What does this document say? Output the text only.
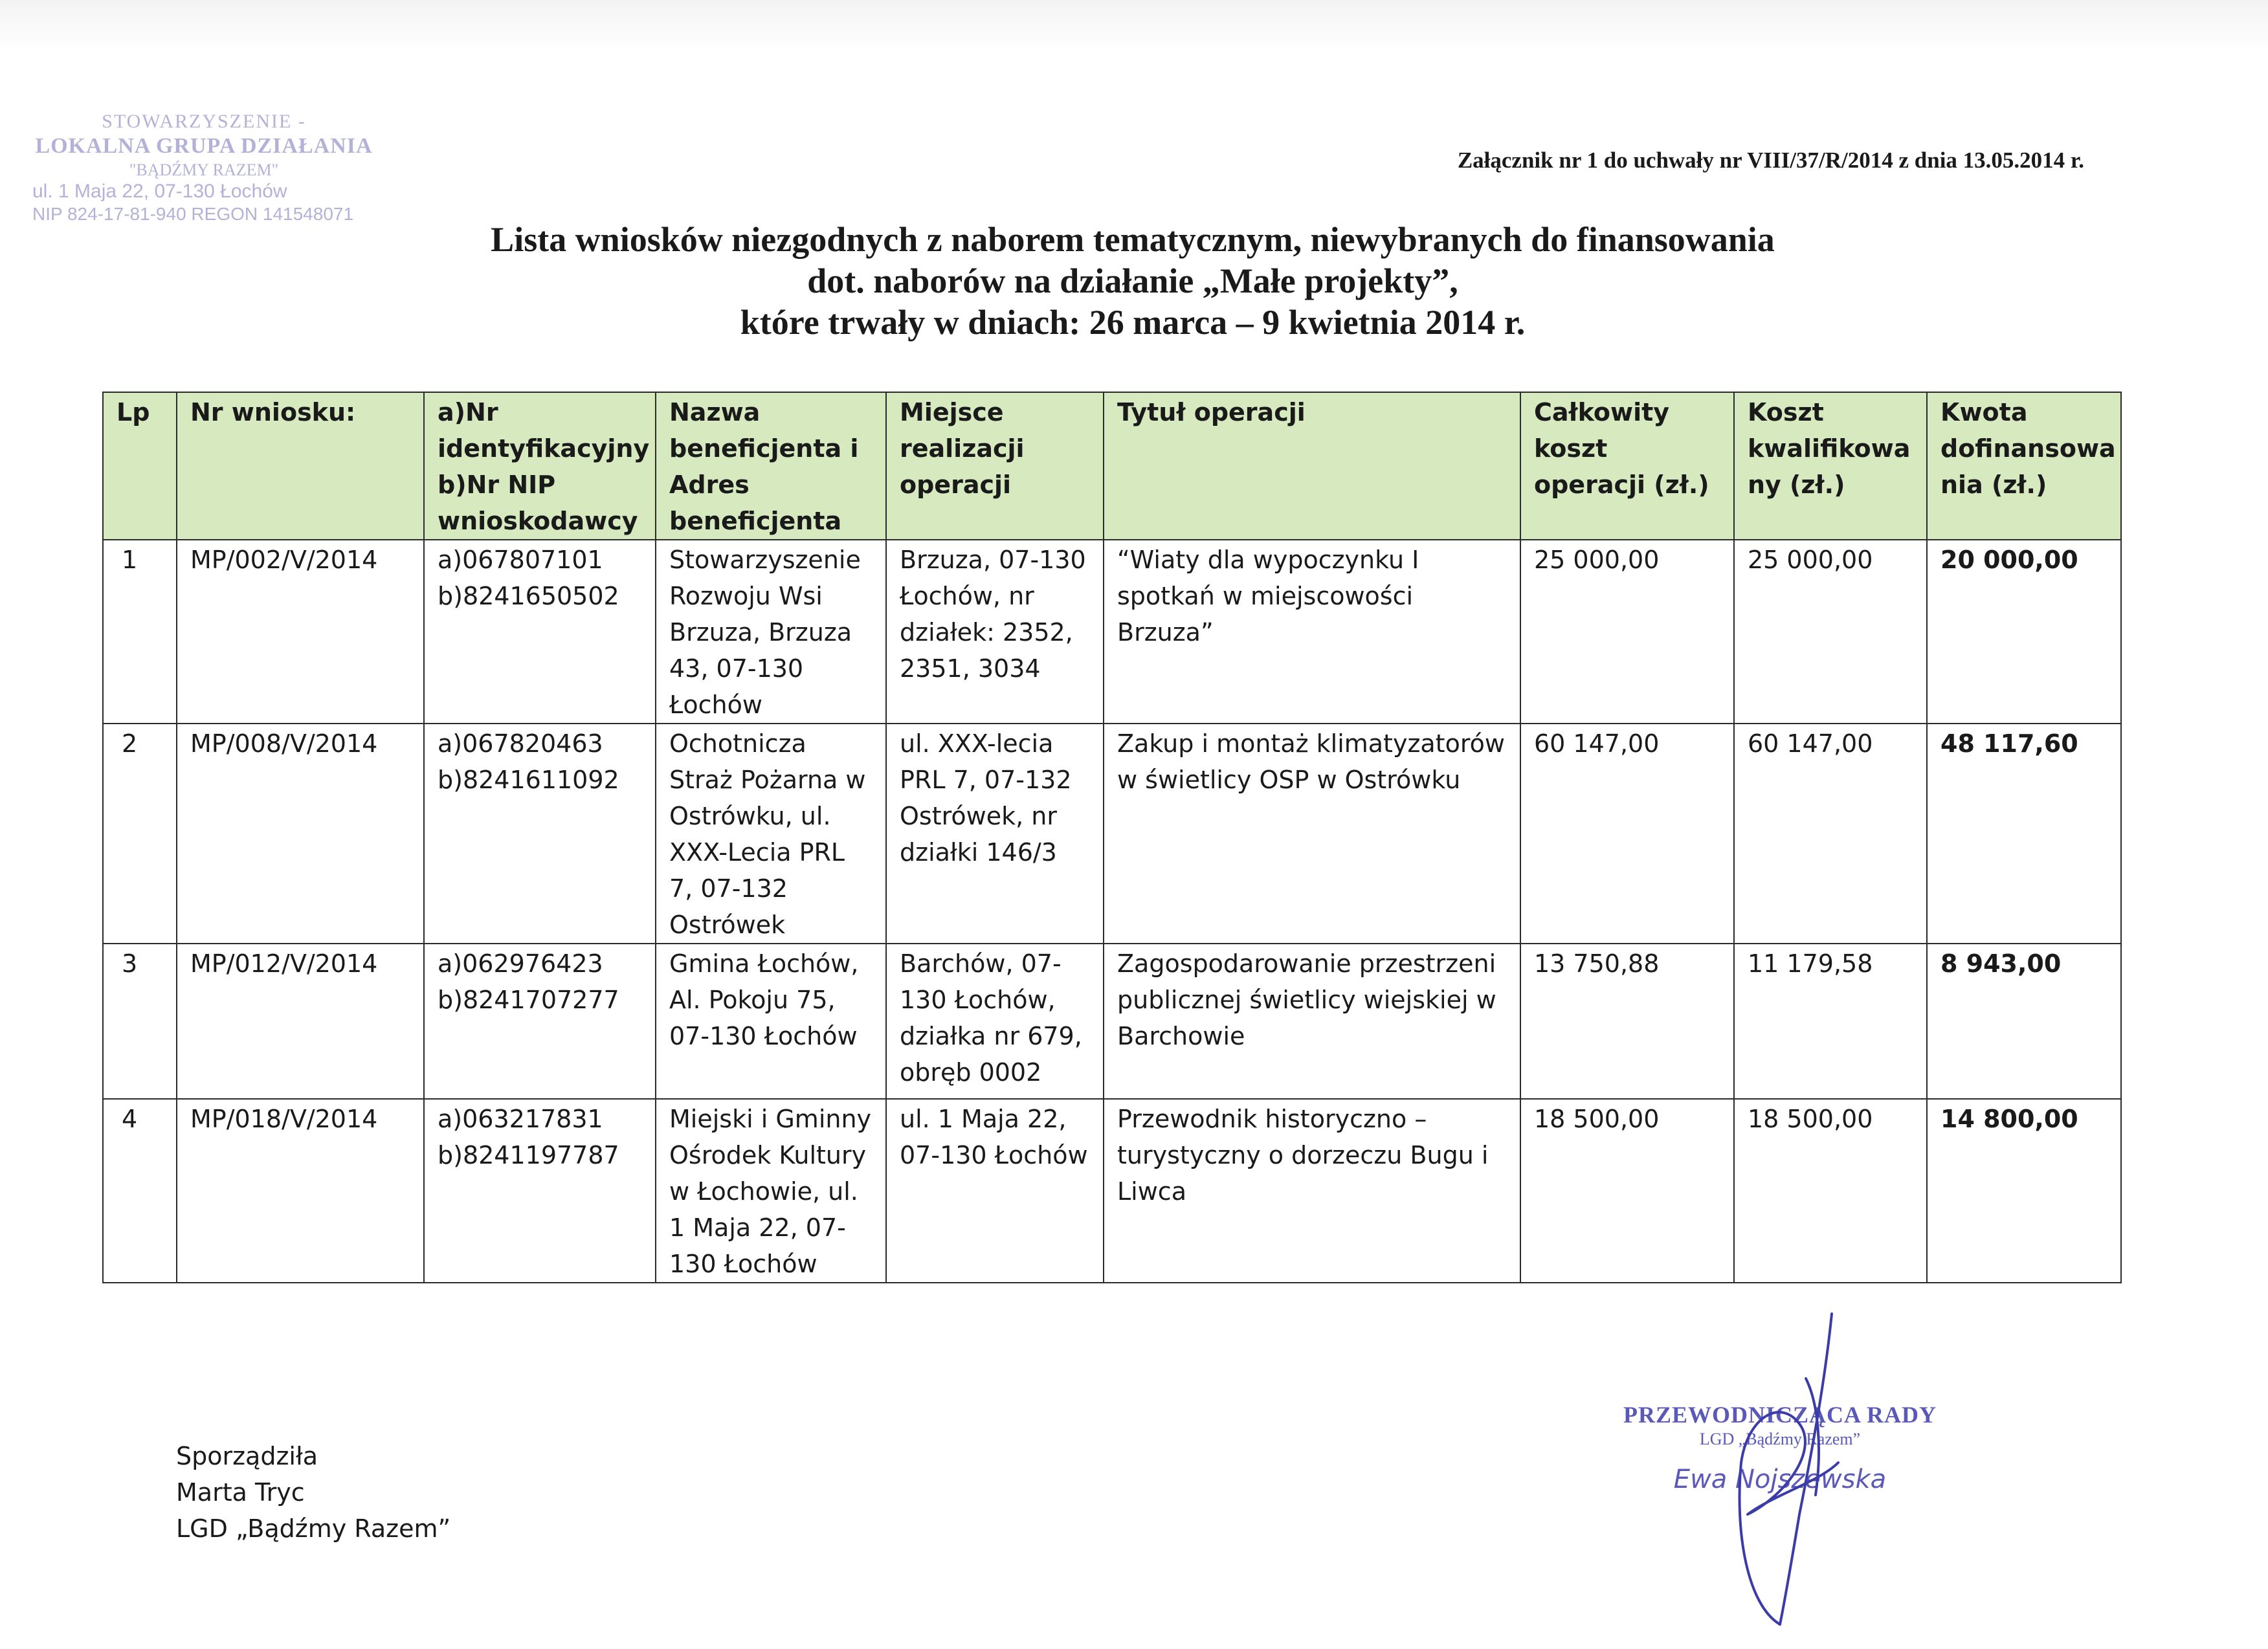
STOWARZYSZENIE -
LOKALNA GRUPA DZIAŁANIA
"BĄDŹMY RAZEM"
ul. 1 Maja 22, 07-130 Łochów
NIP 824-17-81-940 REGON 141548071
Załącznik nr 1 do uchwały nr VIII/37/R/2014 z dnia 13.05.2014 r.
Lista wniosków niezgodnych z naborem tematycznym, niewybranych do finansowania
dot. naborów na działanie „Małe projekty”,
które trwały w dniach: 26 marca – 9 kwietnia 2014 r.
Lp	Nr wniosku:	a)Nr identyfikacyjny b)Nr NIP wnioskodawcy	Nazwa beneficjenta i Adres beneficjenta	Miejsce realizacji operacji	Tytuł operacji	Całkowity koszt operacji (zł.)	Koszt kwalifikowa ny (zł.)	Kwota dofinansowa nia (zł.)
1	MP/002/V/2014	a)067807101
b)8241650502	Stowarzyszenie Rozwoju Wsi Brzuza, Brzuza 43, 07-130 Łochów	Brzuza, 07-130 Łochów, nr działek: 2352, 2351, 3034	“Wiaty dla wypoczynku I spotkań w miejscowości Brzuza”	25 000,00	25 000,00	20 000,00
2	MP/008/V/2014	a)067820463
b)8241611092	Ochotnicza Straż Pożarna w Ostrówku, ul. XXX-Lecia PRL 7, 07-132 Ostrówek	ul. XXX-lecia PRL 7, 07-132 Ostrówek, nr działki 146/3	Zakup i montaż klimatyzatorów w świetlicy OSP w Ostrówku	60 147,00	60 147,00	48 117,60
3	MP/012/V/2014	a)062976423
b)8241707277	Gmina Łochów, Al. Pokoju 75, 07-130 Łochów	Barchów, 07-130 Łochów, działka nr 679, obręb 0002	Zagospodarowanie przestrzeni publicznej świetlicy wiejskiej w Barchowie	13 750,88	11 179,58	8 943,00
4	MP/018/V/2014	a)063217831
b)8241197787	Miejski i Gminny Ośrodek Kultury w Łochowie, ul. 1 Maja 22, 07-130 Łochów	ul. 1 Maja 22, 07-130 Łochów	Przewodnik historyczno – turystyczny o dorzeczu Bugu i Liwca	18 500,00	18 500,00	14 800,00
Sporządziła
Marta Tryc
LGD „Bądźmy Razem”
PRZEWODNICZĄCA RADY
LGD „Bądźmy Razem”
Ewa Nojszewska
